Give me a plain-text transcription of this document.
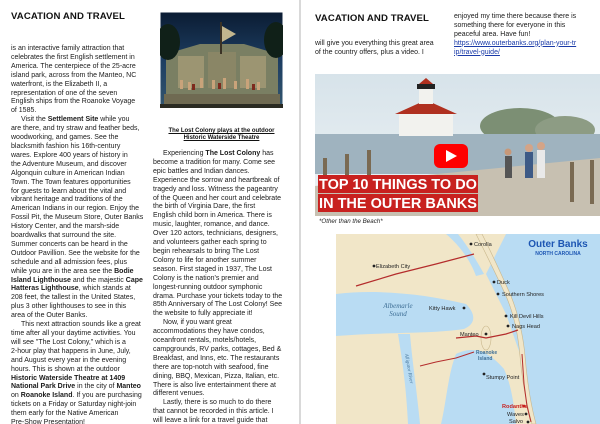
VACATION AND TRAVEL
is an interactive family attraction that
celebrates the first English settlement in
America. The centerpiece of the 25-acre
island park, across from the Manteo, NC
waterfront, is the Elizabeth II, a
representation of one of the seven
English ships from the Roanoke Voyage
of 1585.
Visit the Settlement Site while you
are there, and try straw and feather beds,
woodworking, and games. See the
blacksmith fashion his 16th-century
wares. Explore 400 years of history in
the Adventure Museum, and discover
Algonquin culture in American Indian
Town. The Town features opportunities
for guests to learn about the vital and
vibrant heritage and traditions of the
American Indians in our region. Enjoy the
Fossil Pit, the Museum Store, Outer Banks
History Center, and the marsh-side
boardwalks that surround the site.
Summer concerts can be heard in the
Outdoor Pavillion. See the website for the
schedule and all admission fees, plus
while you are in the area see the Bodie
Island Lighthouse and the majestic Cape
Hatteras Lighthouse, which stands at
208 feet, the tallest in the United States,
plus 3 other lighthouses to see in this
area of the Outer Banks.
This next attraction sounds like a great
time after all your daytime activities. You
will see "The Lost Colony," which is a
2-hour play that happens in June, July,
and August every year in the evening
hours. This is shown at the outdoor
Historic Waterside Theatre at 1409
National Park Drive in the city of Manteo
on Roanoke Island. If you are purchasing
tickets on a Friday or Saturday night-join
them early for the Native American
Pre-Show Presentation!
The Lost Colony plays at the outdoor Historic Waterside Theatre
Experiencing The Lost Colony has
become a tradition for many. Come see
epic battles and Indian dances.
Experience the sorrow and heartbreak of
tragedy and loss. Witness the pageantry
of the Queen and her court and celebrate
the birth of Virginia Dare, the first
English child born in America. There is
music, laughter, romance, and dance.
Over 120 actors, technicians, designers,
and volunteers gather each spring to
begin rehearsals to bring The Lost
Colony to life for another summer
season. First staged in 1937, The Lost
Colony is the nation's premier and
longest-running outdoor symphonic
drama. Purchase your tickets today to the
85th Anniversary of The Lost Colony! See
the website to fully appreciate it!
Now, if you want great
accommodations they have condos,
oceanfront rentals, motels/hotels,
campgrounds, RV parks, cottages, Bed &
Breakfast, and Inns, etc. The restaurants
there are top-notch with seafood, fine
dining, BBQ, Mexican, Pizza, Italian, etc.
There is also live entertainment there at
different venues.
Lastly, there is so much to do there
that cannot be recorded in this article. I
will leave a link for a travel guide that
VACATION AND TRAVEL
will give you everything this great area
of the country offers, plus a video. I
enjoyed my time there because there is
something there for everyone in this
peaceful area. Have fun!
https://www.outerbanks.org/plan-your-tr
ip/travel-guide/
TOP 10 THINGS TO DO
IN THE OUTER BANKS
*Other than the Beach*
Outer Banks
NORTH CAROLINA
Albemarle
Sound
Roanoke
Island
Alligator River
Corolla
Elizabeth City
Duck
Southern Shores
Kitty Hawk
Kill Devil Hills
Nags Head
Manteo
Stumpy Point
Rodanthe
Waves
Salvo
